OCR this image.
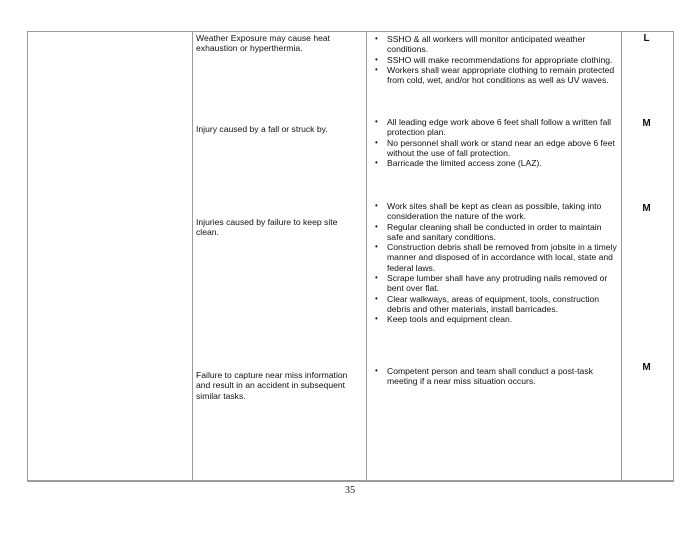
Weather Exposure may cause heat exhaustion or hyperthermia.
• SSHO & all workers will monitor anticipated weather conditions.
• SSHO will make recommendations for appropriate clothing.
• Workers shall wear appropriate clothing to remain protected from cold, wet, and/or hot conditions as well as UV waves.
L
Injury caused by a fall or struck by.
• All leading edge work above 6 feet shall follow a written fall protection plan.
• No personnel shall work or stand near an edge above 6 feet without the use of fall protection.
• Barricade the limited access zone (LAZ).
M
Injuries caused by failure to keep site clean.
• Work sites shall be kept as clean as possible, taking into consideration the nature of the work.
• Regular cleaning shall be conducted in order to maintain safe and sanitary conditions.
• Construction debris shall be removed from jobsite in a timely manner and disposed of in accordance with local, state and federal laws.
• Scrape lumber shall have any protruding nails removed or bent over flat.
• Clear walkways, areas of equipment, tools, construction debris and other materials, install barricades.
• Keep tools and equipment clean.
M
Failure to capture near miss information and result in an accident in subsequent similar tasks.
• Competent person and team shall conduct a post-task meeting if a near miss situation occurs.
M
35
